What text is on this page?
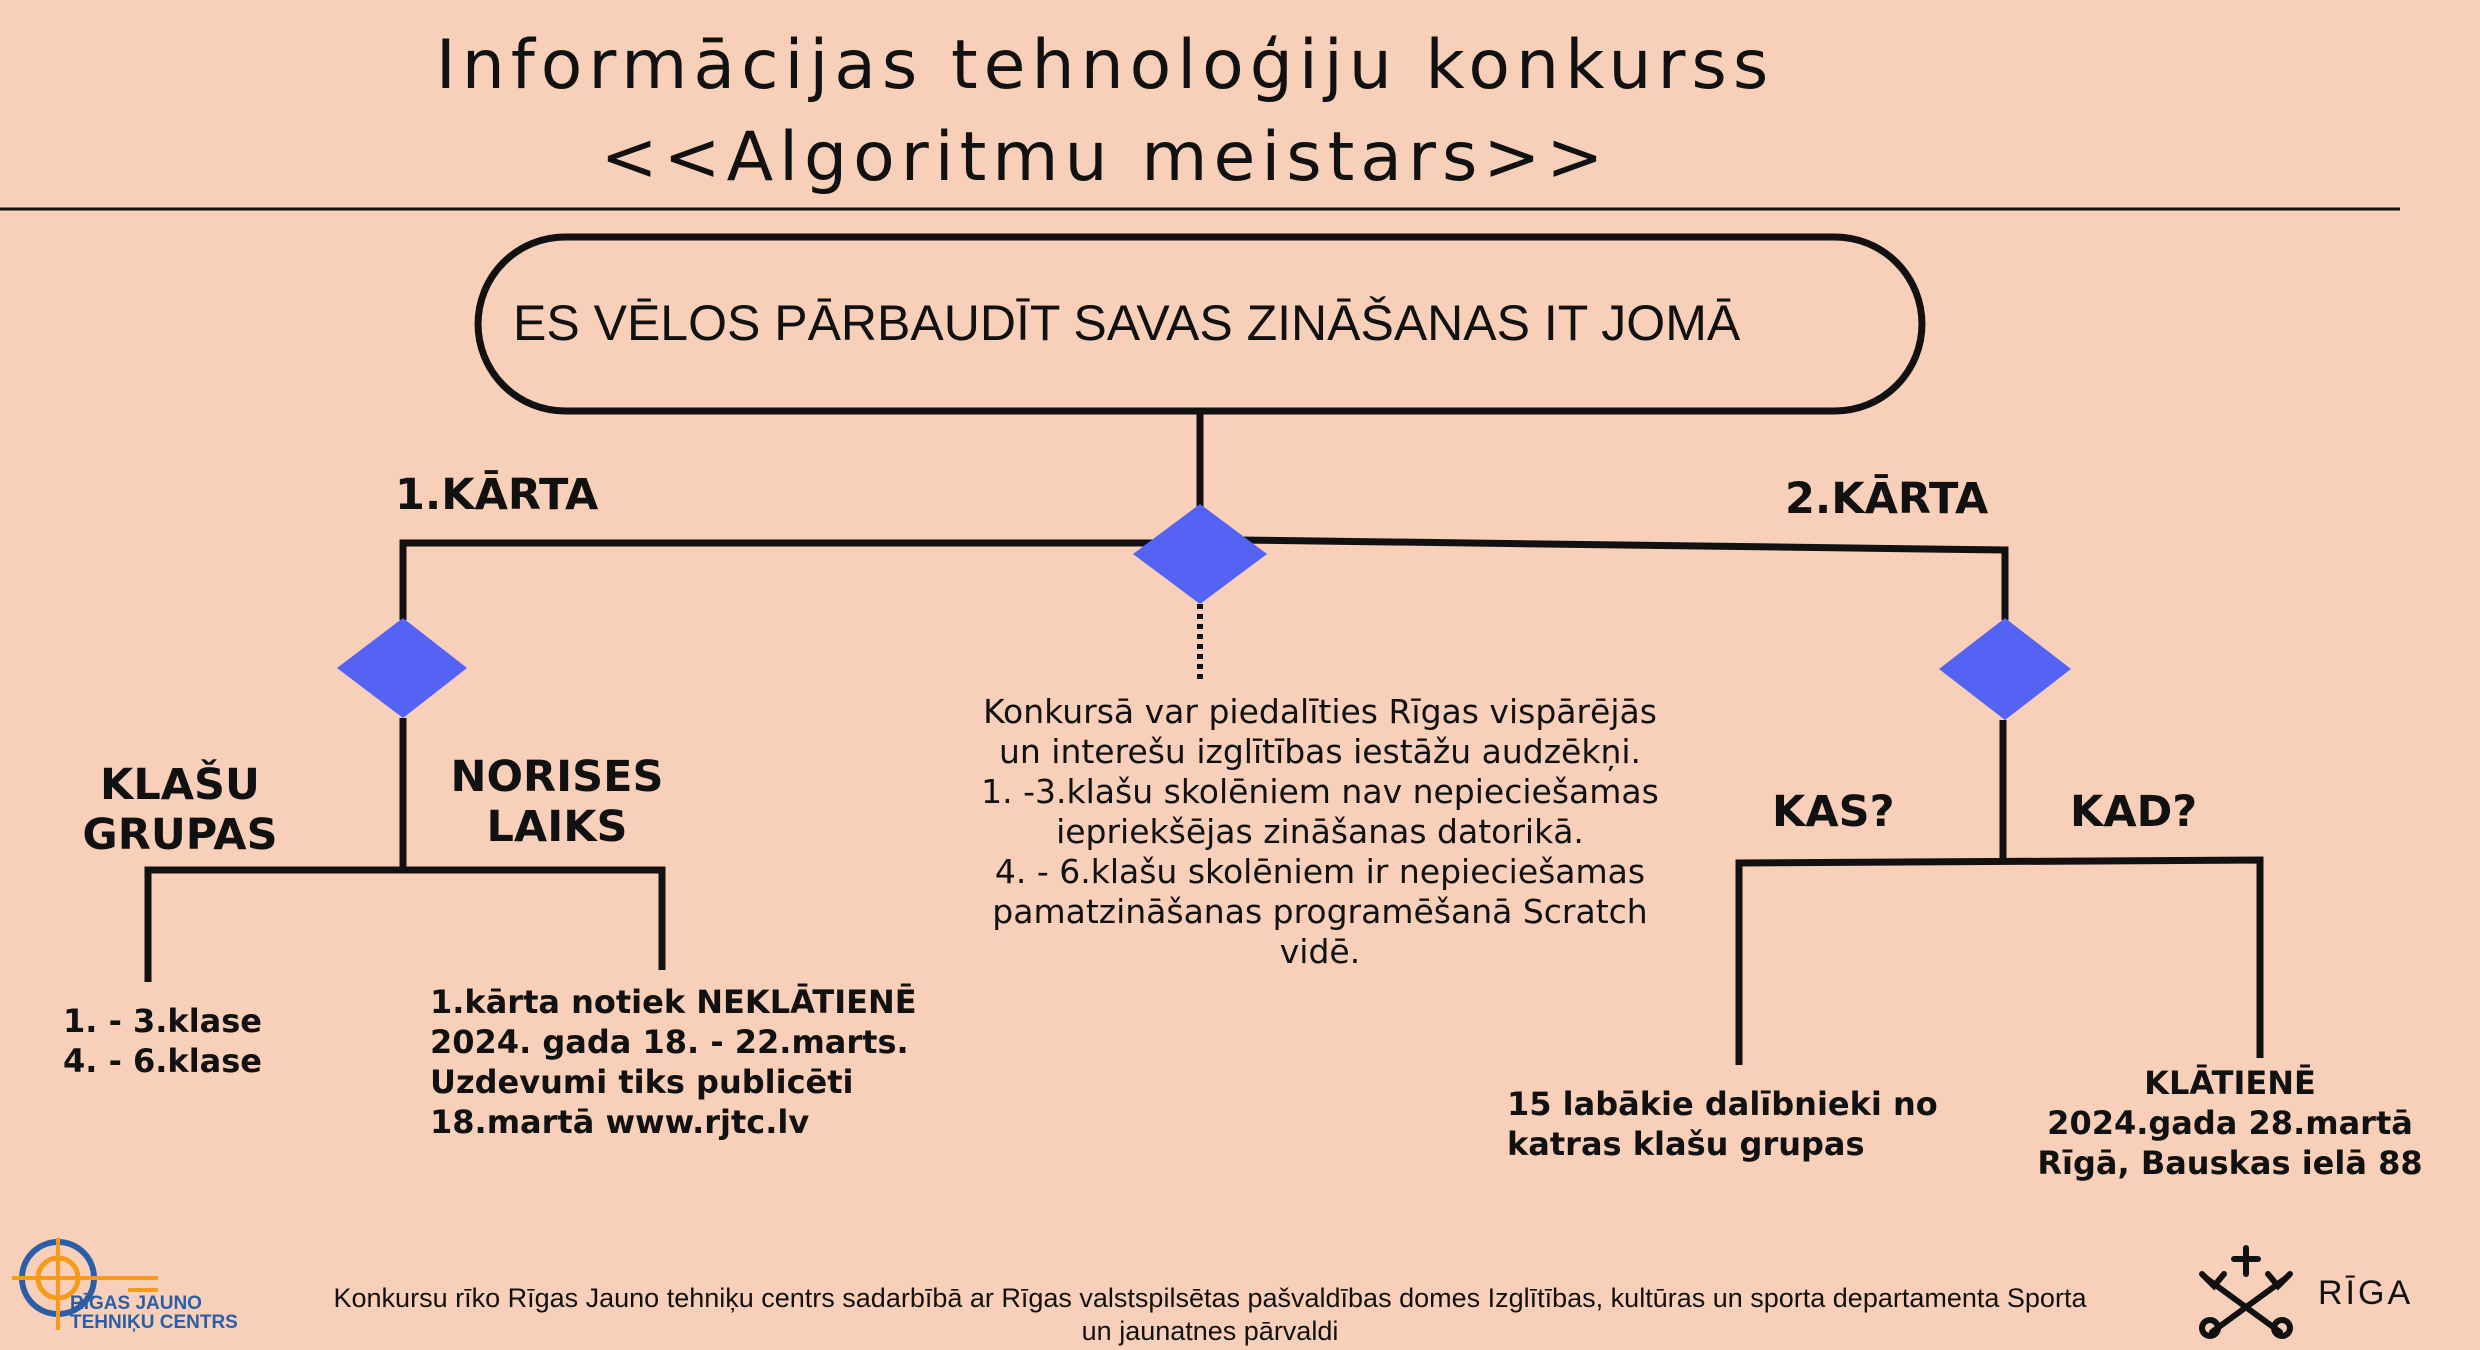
Informācijas tehnoloģiju konkurss
<<Algoritmu meistars>>
ES VĒLOS PĀRBAUDĪT SAVAS ZINĀŠANAS IT JOMĀ
1.KĀRTA	2.KĀRTA
KLAŠU
GRUPAS
NORISES
LAIKS
1. - 3.klase
4. - 6.klase
1.kārta notiek NEKLĀTIENĒ
2024. gada 18. - 22.marts.
Uzdevumi tiks publicēti
18.martā www.rjtc.lv
Konkursā var piedalīties Rīgas vispārējās
un interešu izglītības iestāžu audzēkņi.
1. -3.klašu skolēniem nav nepieciešamas
iepriekšējas zināšanas datorikā.
4. - 6.klašu skolēniem ir nepieciešamas
pamatzināšanas programēšanā Scratch
vidē.
KAS?	KAD?
15 labākie dalībnieki no
katras klašu grupas
KLĀTIENĒ
2024.gada 28.martā
Rīgā, Bauskas ielā 88
RĪGAS JAUNO
TEHNIĶU CENTRS
Konkursu rīko Rīgas Jauno tehniķu centrs sadarbībā ar Rīgas valstspilsētas pašvaldības domes Izglītības, kultūras un sporta departamenta Sporta
un jaunatnes pārvaldi
RĪGA
